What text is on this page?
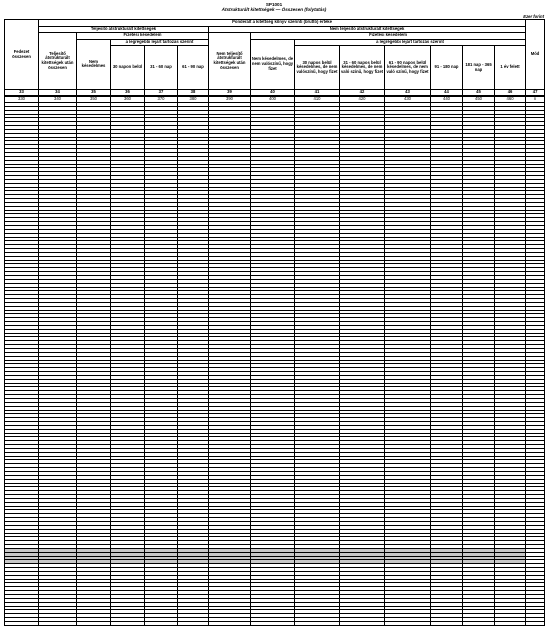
SP1001
Átstrukturált kitettségek — Összesen (folytatás)
Ezer forint
Fedezet összesen	Ponderált a kitettség könyv szerinti (bruttó) értéke													Mód
	Teljesítő átstrukturált kitettségek					Nem teljesítő átstrukturált kitettségek								
	Teljesítő átstrukturált kitettségek után összesen	Fizetési késedelem				Nem teljesítő átstrukturált kitettségek után összesen	Fizetési késedelem							
		Nem késedelmes	a legrégebbi lejárt tartozás szerint				Nem késedelmes, de nem valószínű, hogy fizet	a legrégebbi lejárt tartozás szerint						
			30 napon belül	31 - 60 nap	61 - 90 nap			30 napos belül késedelmes, de nem valószínű, hogy fizet	31 - 60 napos belül késedelmes, de nem való színű, hogy fizet	61 - 90 napos belül késedelmes, de nem való színű, hogy fizet	91 - 180 nap	181 nap - 365 nap	1 év felett	
33	34	35	36	37	38	39	40	41	42	43	44	45	46	47
330	340	350	360	370	380	390	400	410	420	430	440	450	460	n
